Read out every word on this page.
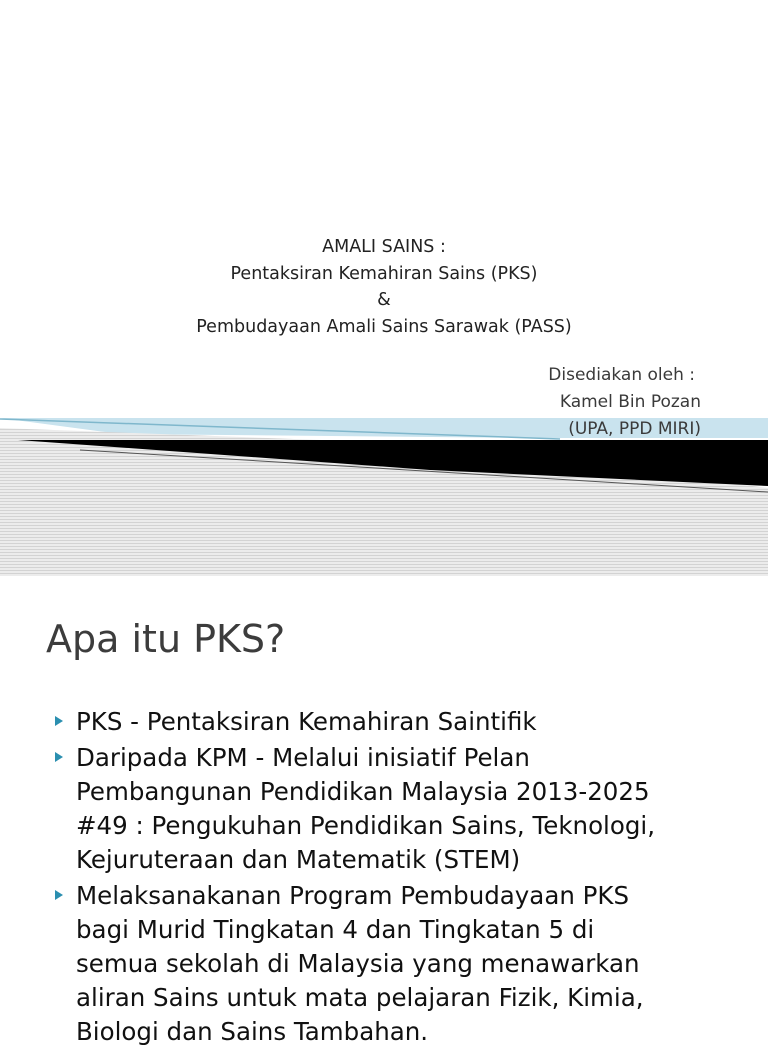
AMALI SAINS :
Pentaksiran Kemahiran Sains (PKS)
&
Pembudayaan Amali Sains Sarawak (PASS)
Disediakan oleh :
Kamel Bin Pozan
(UPA, PPD MIRI)
Apa itu PKS?
PKS - Pentaksiran Kemahiran Saintifik
Daripada KPM - Melalui inisiatif Pelan
Pembangunan Pendidikan Malaysia 2013-2025
#49 : Pengukuhan Pendidikan Sains, Teknologi,
Kejuruteraan dan Matematik (STEM)
Melaksanakanan Program Pembudayaan PKS
bagi Murid Tingkatan 4 dan Tingkatan 5 di
semua sekolah di Malaysia yang menawarkan
aliran Sains untuk mata pelajaran Fizik, Kimia,
Biologi dan Sains Tambahan.
